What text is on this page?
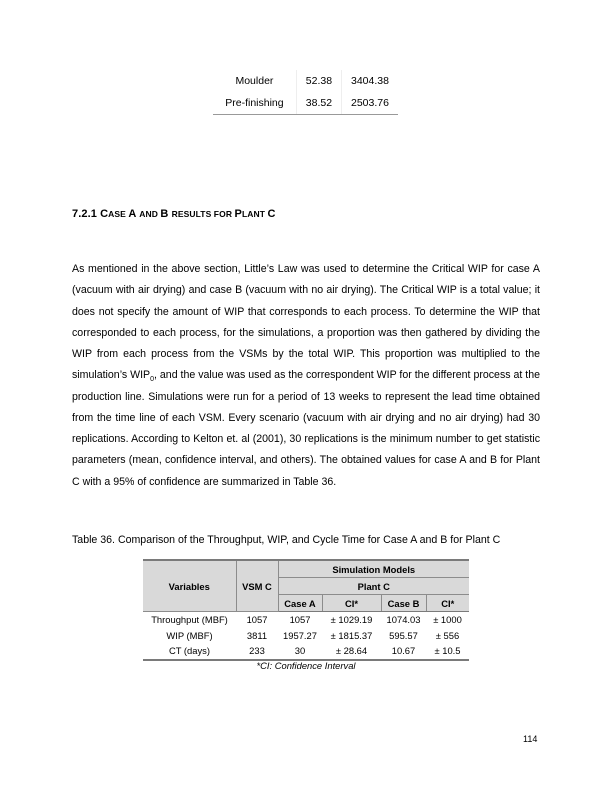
Moulder	52.38	3404.38
Pre-finishing	38.52	2503.76
7.2.1 CASE A AND B RESULTS FOR PLANT C

As mentioned in the above section, Little’s Law was used to determine the Critical WIP for case A (vacuum with air drying) and case B (vacuum with no air drying). The Critical WIP is a total value; it does not specify the amount of WIP that corresponds to each process. To determine the WIP that corresponded to each process, for the simulations, a proportion was then gathered by dividing the WIP from each process from the VSMs by the total WIP. This proportion was multiplied to the simulation’s $WIP_0$, and the value was used as the correspondent WIP for the different process at the production line. Simulations were run for a period of 13 weeks to represent the lead time obtained from the time line of each VSM. Every scenario (vacuum with air drying and no air drying) had 30 replications. According to Kelton et. al (2001), 30 replications is the minimum number to get statistic parameters (mean, confidence interval, and others). The obtained values for case A and B for Plant C with a 95% of confidence are summarized in Table 36.

Table 36. Comparison of the Throughput, WIP, and Cycle Time for Case A and B for Plant C
Variables	VSM C	Simulation Models			
		Plant C			
		Case A	CI*	Case B	CI*
Throughput (MBF)	1057	1057	± 1029.19	1074.03	± 1000
WIP (MBF)	3811	1957.27	± 1815.37	595.57	± 556
CT (days)	233	30	± 28.64	10.67	± 10.5
*CI: Confidence Interval
114
